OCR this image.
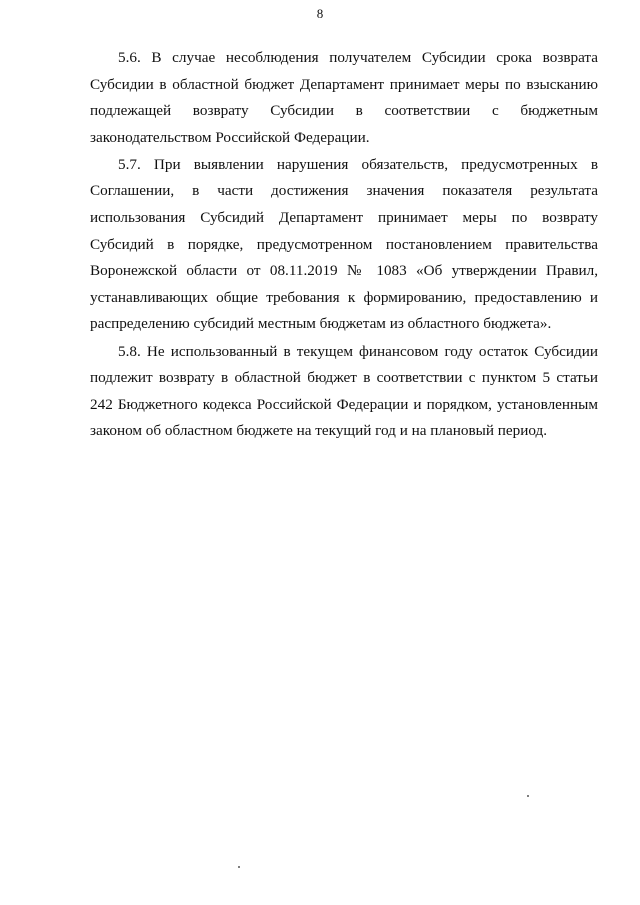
8

5.6. В случае несоблюдения получателем Субсидии срока возврата Субсидии в областной бюджет Департамент принимает меры по взысканию подлежащей возврату Субсидии в соответствии с бюджетным законодательством Российской Федерации.

5.7. При выявлении нарушения обязательств, предусмотренных в Соглашении, в части достижения значения показателя результата использования Субсидий Департамент принимает меры по возврату Субсидий в порядке, предусмотренном постановлением правительства Воронежской области от 08.11.2019 № 1083 «Об утверждении Правил, устанавливающих общие требования к формированию, предоставлению и распределению субсидий местным бюджетам из областного бюджета».

5.8. Не использованный в текущем финансовом году остаток Субсидии подлежит возврату в областной бюджет в соответствии с пунктом 5 статьи 242 Бюджетного кодекса Российской Федерации и порядком, установленным законом об областном бюджете на текущий год и на плановый период.
